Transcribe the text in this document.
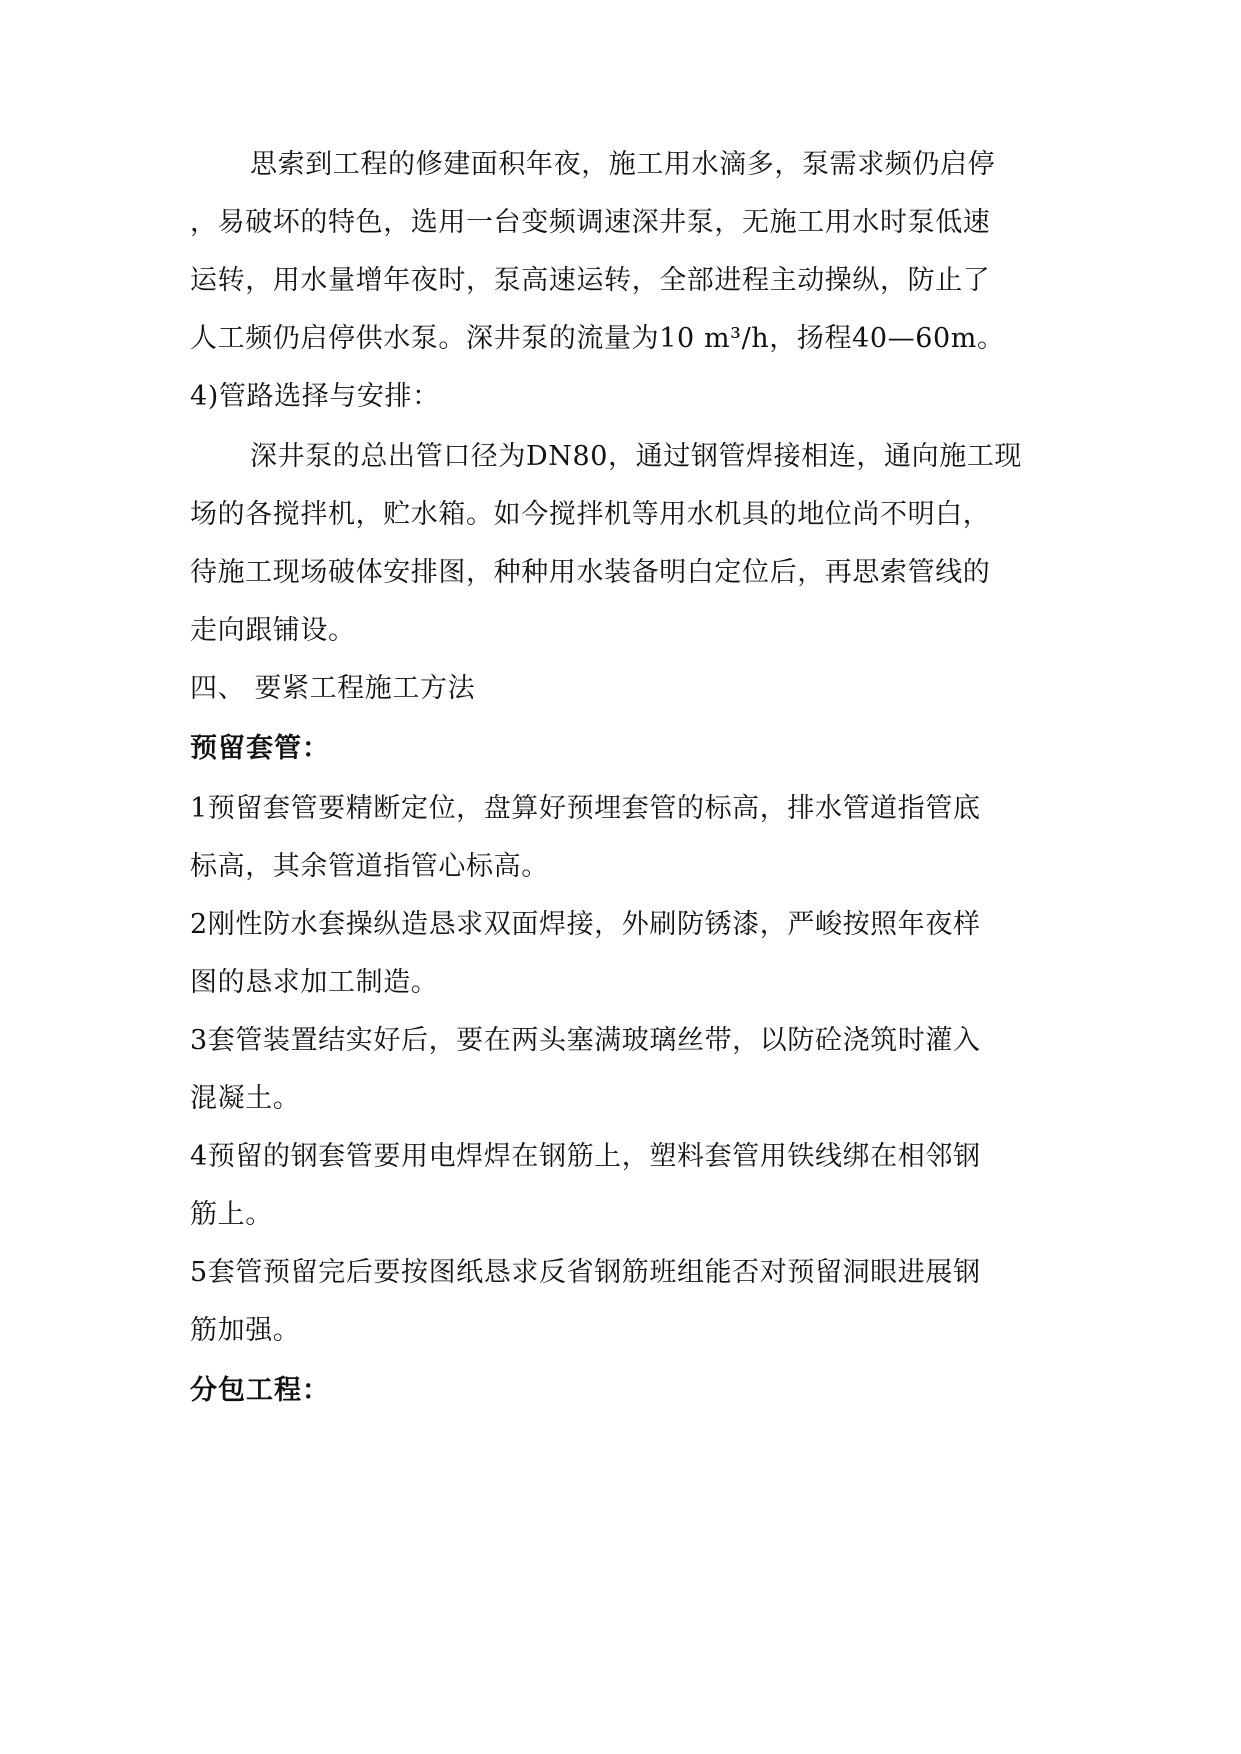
思索到工程的修建面积年夜，施工用水滴多，泵需求频仍启停
，易破坏的特色，选用一台变频调速深井泵，无施工用水时泵低速
运转，用水量增年夜时，泵高速运转，全部进程主动操纵，防止了
人工频仍启停供水泵。深井泵的流量为10 m³/h，扬程40—60m。
4)管路选择与安排：
深井泵的总出管口径为DN80，通过钢管焊接相连，通向施工现
场的各搅拌机，贮水箱。如今搅拌机等用水机具的地位尚不明白，
待施工现场破体安排图，种种用水装备明白定位后，再思索管线的
走向跟铺设。
四、 要紧工程施工方法
预留套管：
1预留套管要精断定位，盘算好预埋套管的标高，排水管道指管底
标高，其余管道指管心标高。
2刚性防水套操纵造恳求双面焊接，外刷防锈漆，严峻按照年夜样
图的恳求加工制造。
3套管装置结实好后，要在两头塞满玻璃丝带，以防砼浇筑时灌入
混凝土。
4预留的钢套管要用电焊焊在钢筋上，塑料套管用铁线绑在相邻钢
筋上。
5套管预留完后要按图纸恳求反省钢筋班组能否对预留洞眼进展钢
筋加强。
分包工程：
